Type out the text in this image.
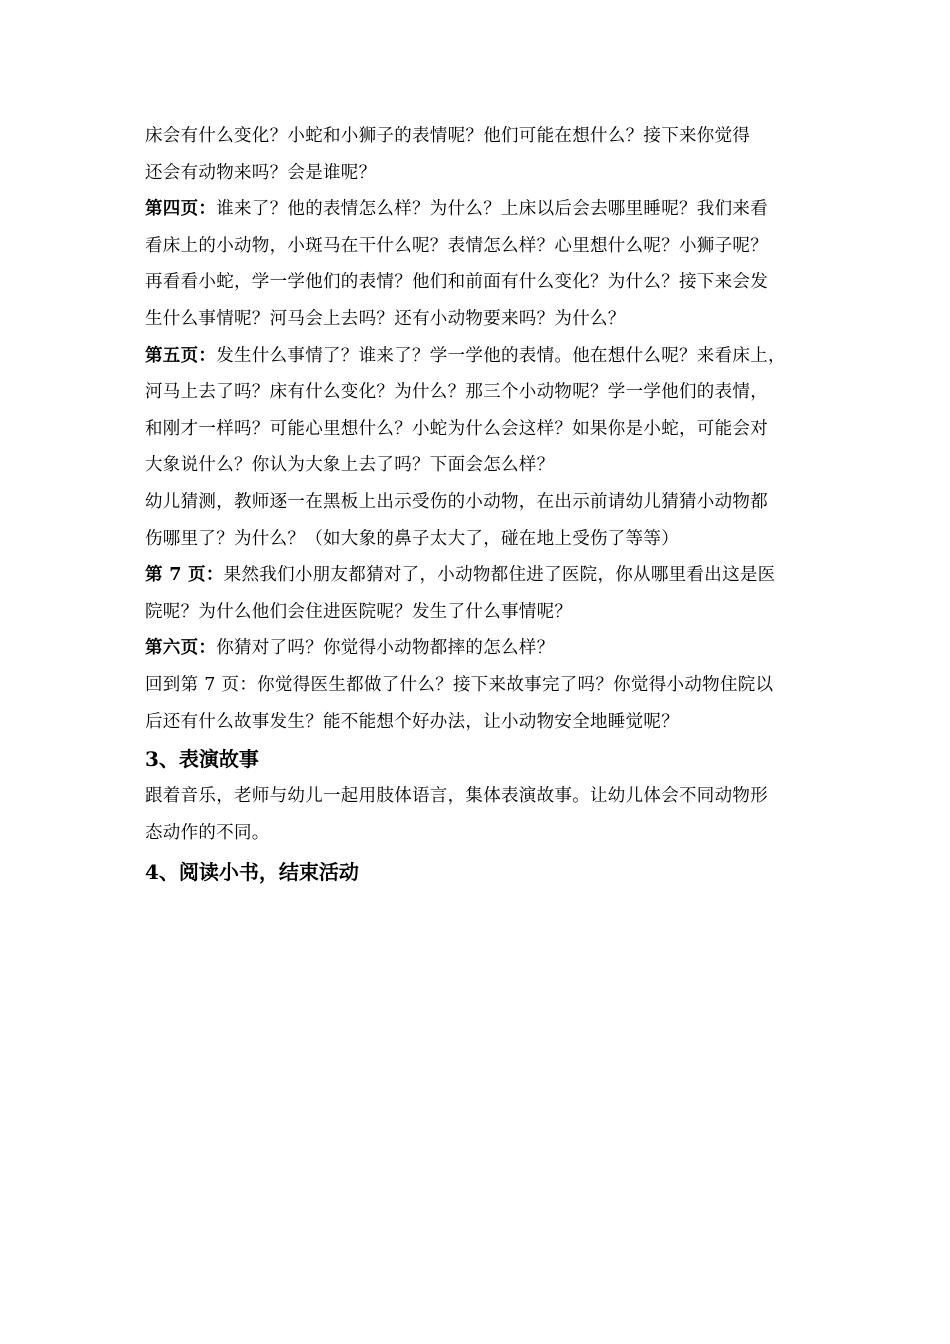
床会有什么变化？小蛇和小狮子的表情呢？他们可能在想什么？接下来你觉得
还会有动物来吗？会是谁呢？
第四页：谁来了？他的表情怎么样？为什么？上床以后会去哪里睡呢？我们来看
看床上的小动物，小斑马在干什么呢？表情怎么样？心里想什么呢？小狮子呢？
再看看小蛇，学一学他们的表情？他们和前面有什么变化？为什么？接下来会发
生什么事情呢？河马会上去吗？还有小动物要来吗？为什么？
第五页：发生什么事情了？谁来了？学一学他的表情。他在想什么呢？来看床上，
河马上去了吗？床有什么变化？为什么？那三个小动物呢？学一学他们的表情，
和刚才一样吗？可能心里想什么？小蛇为什么会这样？如果你是小蛇，可能会对
大象说什么？你认为大象上去了吗？下面会怎么样？
幼儿猜测，教师逐一在黑板上出示受伤的小动物，在出示前请幼儿猜猜小动物都
伤哪里了？为什么？（如大象的鼻子太大了，碰在地上受伤了等等）
第 7 页：果然我们小朋友都猜对了，小动物都住进了医院，你从哪里看出这是医
院呢？为什么他们会住进医院呢？发生了什么事情呢？
第六页：你猜对了吗？你觉得小动物都摔的怎么样？
回到第 7 页：你觉得医生都做了什么？接下来故事完了吗？你觉得小动物住院以
后还有什么故事发生？能不能想个好办法，让小动物安全地睡觉呢？
3、表演故事
跟着音乐，老师与幼儿一起用肢体语言，集体表演故事。让幼儿体会不同动物形
态动作的不同。
4、阅读小书，结束活动
